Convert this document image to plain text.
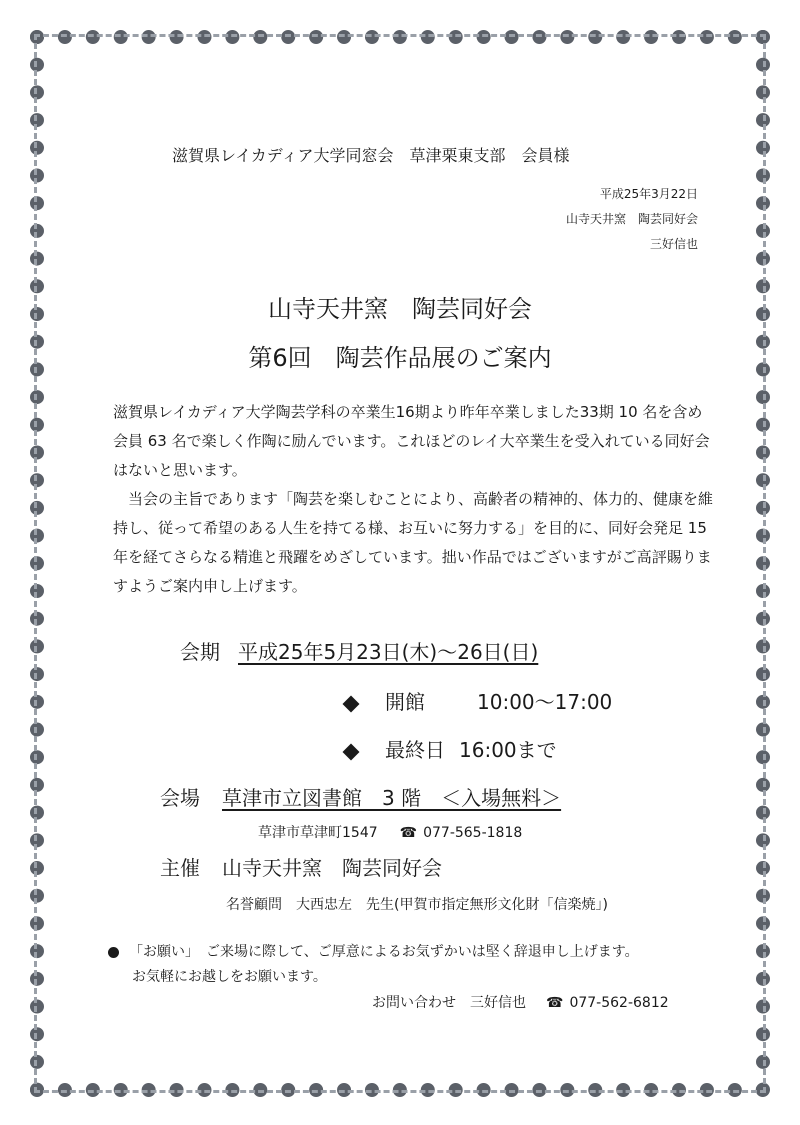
滋賀県レイカディア大学同窓会　草津栗東支部　会員様
平成25年3月22日
山寺天井窯　陶芸同好会
三好信也
山寺天井窯　陶芸同好会
第6回　陶芸作品展のご案内

滋賀県レイカディア大学陶芸学科の卒業生16期より昨年卒業しました33期 10 名を含め会員 63 名で楽しく作陶に励んでいます。これほどのレイ大卒業生を受入れている同好会はないと思います。

当会の主旨であります「陶芸を楽しむことにより、高齢者の精神的、体力的、健康を維持し、従って希望のある人生を持てる様、お互いに努力する」を目的に、同好会発足 15 年を経てさらなる精進と飛躍をめざしています。拙い作品ではございますがご高評賜りますようご案内申し上げます。

会期 平成25年5月23日(木)～26日(日)
開館	10:00～17:00
最終日 16:00まで
会場 草津市立図書館　3 階　＜入場無料＞
草津市草津町1547 ☎ 077-565-1818
主催 山寺天井窯　陶芸同好会
名誉顧問　大西忠左　先生(甲賀市指定無形文化財「信楽焼」)
「お願い」　ご来場に際して、ご厚意によるお気ずかいは堅く辞退申し上げます。
お気軽にお越しをお願います。
お問い合わせ　三好信也 ☎ 077-562-6812
